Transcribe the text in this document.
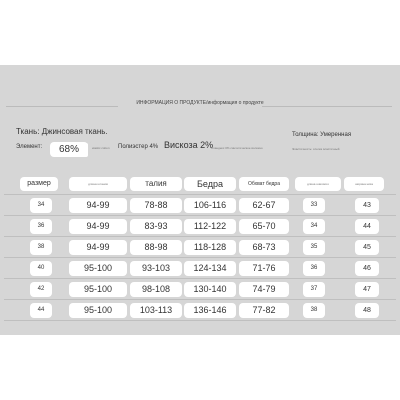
ИНФОРМАЦИЯ О ПРОДУКТЕ/информация о продукте
Ткань: Джинсовая ткань.
Элемент:	68%	elastic cotton Полиэстер 4% Вискоза 2%
Спандекс 0% синтетическое волокно
Толщина: Умеренная
Эластичность: слегка эластичный
размер	длина штанов	талия	Бедра	Обхват бедра	длина шагового	ширина низа
34	94-99	78-88	106-116	62-67	33	43
36	94-99	83-93	112-122	65-70	34	44
38	94-99	88-98	118-128	68-73	35	45
40	95-100	93-103	124-134	71-76	36	46
42	95-100	98-108	130-140	74-79	37	47
44	95-100	103-113	136-146	77-82	38	48
